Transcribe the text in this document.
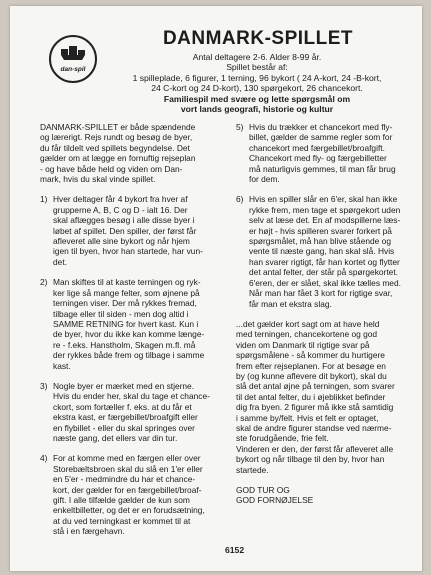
dan-spil
DANMARK-SPILLET
Antal deltagere 2-6. Alder 8-99 år.
Spillet består af:
1 spilleplade, 6 figurer, 1 terning, 96 bykort ( 24 A-kort, 24 -B-kort,
24 C-kort og 24 D-kort), 130 spørgekort, 26 chancekort.
Familiespil med svære og lette spørgsmål om
vort lands geografi, historie og kultur
DANMARK-SPILLET er både spændende
og lærerigt. Rejs rundt og besøg de byer,
du får tildelt ved spillets begyndelse. Det
gælder om at lægge en fornuftig rejseplan
- og have både held og viden om Dan-
mark, hvis du skal vinde spillet.
1) Hver deltager får 4 bykort fra hver af
grupperne A, B, C og D - ialt 16. Der
skal aflægges besøg i alle disse byer i
løbet af spillet. Den spiller, der først får
afleveret alle sine bykort og når hjem
igen til byen, hvor han startede, har vun-
det.
2) Man skiftes til at kaste terningen og ryk-
ker lige så mange felter, som øjnene på
terningen viser. Der må rykkes fremad,
tilbage eller til siden - men dog altid i
SAMME RETNING for hvert kast. Kun i
de byer, hvor du ikke kan komme længe-
re - f.eks. Hanstholm, Skagen m.fl. må
der rykkes både frem og tilbage i samme
kast.
3) Nogle byer er mærket med en stjerne.
Hvis du ender her, skal du tage et chance-
ckort, som fortæller f. eks. at du får et
ekstra kast, er færgebillet/broafgift eller
en flybillet - eller du skal springes over
næste gang, det ellers var din tur.
4) For at komme med en færgen eller over
Storebæltsbroen skal du slå en 1'er eller
en 5'er - medmindre du har et chance-
kort, der gælder for en færgebillet/broaf-
gift. I alle tilfælde gælder de kun som
enkeltbilletter, og det er en forudsætning,
at du ved terningkast er kommet til at
stå i en færgehavn.
5) Hvis du trækker et chancekort med fly-
billet, gælder de samme regler som for
chancekort med færgebillet/broafgift.
Chancekort med fly- og færgebilletter
må naturligvis gemmes, til man får brug
for dem.
6) Hvis en spiller slår en 6'er, skal han ikke
rykke frem, men tage et spørgekort uden
selv at læse det. En af modspillerne læs-
er højt - hvis spilleren svarer forkert på
spørgsmålet, må han blive stående og
vente til næste gang, han skal slå. Hvis
han svarer rigtigt, får han kortet og flytter
det antal felter, der står på spørgekortet.
6'eren, der er slået, skal ikke tælles med.
Når man har fået 3 kort for rigtige svar,
får man et ekstra slag.
...det gælder kort sagt om at have held
med terningen, chancekortene og god
viden om Danmark til rigtige svar på
spørgsmålene - så kommer du hurtigere
frem efter rejseplanen. For at besøge en
by (og kunne aflevere dit bykort), skal du
slå det antal øjne på terningen, som svarer
til det antal felter, du i øjeblikket befinder
dig fra byen. 2 figurer må ikke stå samtidig
i samme by/felt. Hvis et felt er optaget,
skal de andre figurer standse ved nærme-
ste forudgående, frie felt.
Vinderen er den, der først får afleveret alle
bykort og når tilbage til den by, hvor han
startede.
GOD TUR OG
GOD FORNØJELSE
6152
